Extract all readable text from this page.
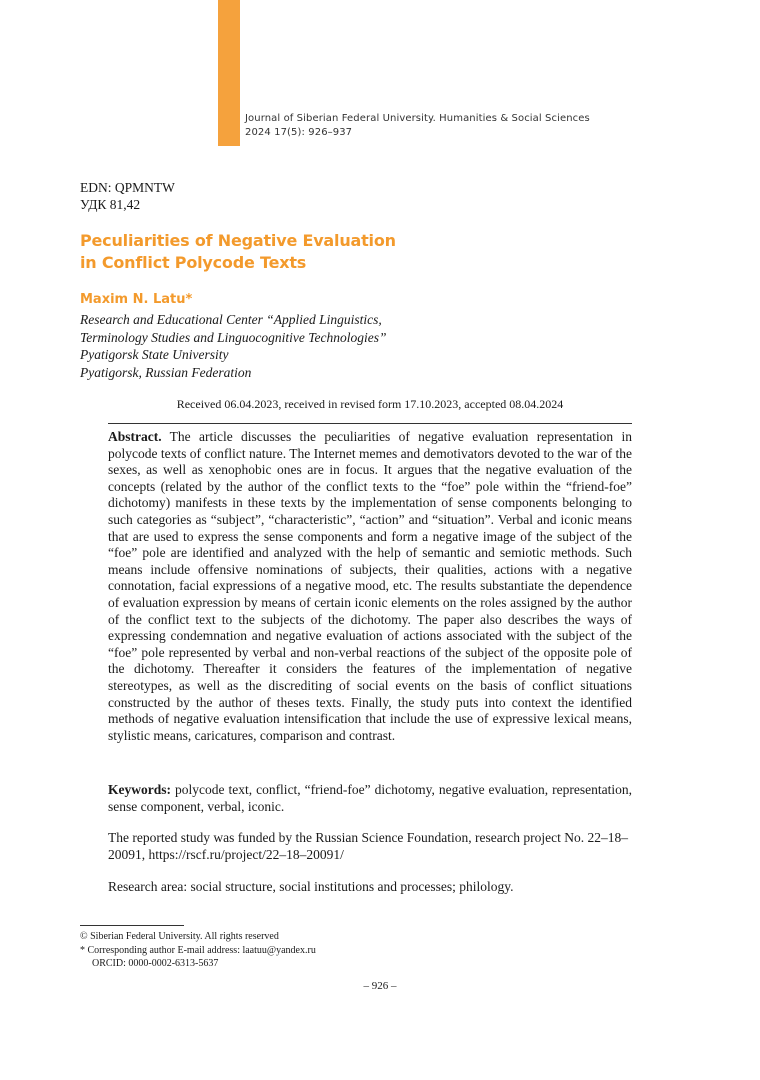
Journal of Siberian Federal University. Humanities & Social Sciences
2024 17(5): 926–937
EDN: QPMNTW
УДК 81,42
Peculiarities of Negative Evaluation
in Conflict Polycode Texts
Maxim N. Latu*
Research and Educational Center “Applied Linguistics,
Terminology Studies and Linguocognitive Technologies”
Pyatigorsk State University
Pyatigorsk, Russian Federation
Received 06.04.2023, received in revised form 17.10.2023, accepted 08.04.2024

Abstract. The article discusses the peculiarities of negative evaluation representation in polycode texts of conflict nature. The Internet memes and demotivators devoted to the war of the sexes, as well as xenophobic ones are in focus. It argues that the negative evaluation of the concepts (related by the author of the conflict texts to the “foe” pole within the “friend-foe” dichotomy) manifests in these texts by the implementation of sense components belonging to such categories as “subject”, “characteristic”, “action” and “situation”. Verbal and iconic means that are used to express the sense components and form a negative image of the subject of the “foe” pole are identified and analyzed with the help of semantic and semiotic methods. Such means include offensive nominations of subjects, their qualities, actions with a negative connotation, facial expressions of a negative mood, etc. The results substantiate the dependence of evaluation expression by means of certain iconic elements on the roles assigned by the author of the conflict text to the subjects of the dichotomy. The paper also describes the ways of expressing condemnation and negative evaluation of actions associated with the subject of the “foe” pole represented by verbal and non-verbal reactions of the subject of the opposite pole of the dichotomy. Thereafter it considers the features of the implementation of negative stereotypes, as well as the discrediting of social events on the basis of conflict situations constructed by the author of theses texts. Finally, the study puts into context the identified methods of negative evaluation intensification that include the use of expressive lexical means, stylistic means, caricatures, comparison and contrast.

Keywords: polycode text, conflict, “friend-foe” dichotomy, negative evaluation, representation, sense component, verbal, iconic.

The reported study was funded by the Russian Science Foundation, research project No. 22–18–20091, https://rscf.ru/project/22–18–20091/

Research area: social structure, social institutions and processes; philology.

© Siberian Federal University. All rights reserved
* Corresponding author E-mail address: laatuu@yandex.ru
ORCID: 0000-0002-6313-5637
– 926 –
